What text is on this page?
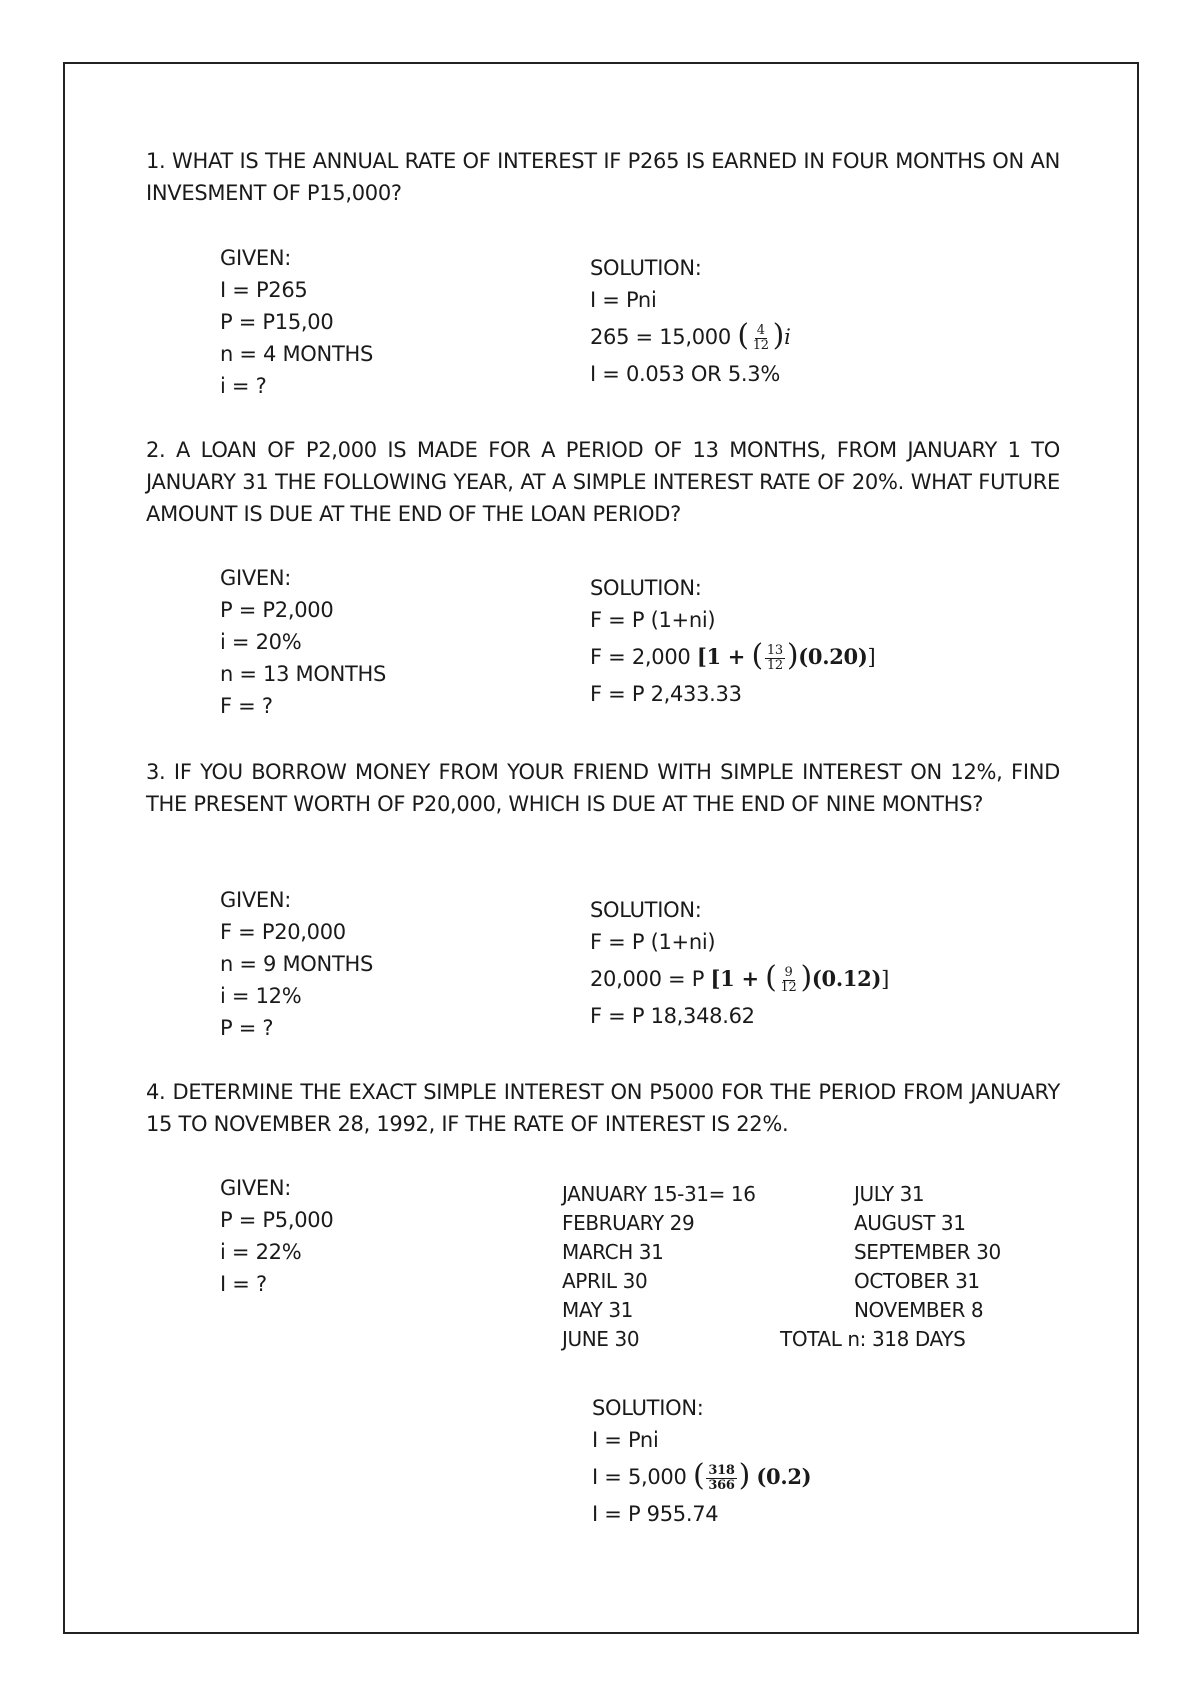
1. WHAT IS THE ANNUAL RATE OF INTEREST IF P265 IS EARNED IN FOUR MONTHS ON AN INVESMENT OF P15,000?
GIVEN:
I = P265
P = P15,00
n = 4 MONTHS
i = ?
SOLUTION:
I = Pni
265 = 15,000 ( $\frac{4}{12} )i$
I = 0.053 OR 5.3%
2. A LOAN OF P2,000 IS MADE FOR A PERIOD OF 13 MONTHS, FROM JANUARY 1 TO JANUARY 31 THE FOLLOWING YEAR, AT A SIMPLE INTEREST RATE OF 20%. WHAT FUTURE AMOUNT IS DUE AT THE END OF THE LOAN PERIOD?
GIVEN:
P = P2,000
i = 20%
n = 13 MONTHS
F = ?
SOLUTION:
F = P (1+ni)
F = 2,000 [1 + ( $\frac{13}{12} )(0.20)$]
F = P 2,433.33
3. IF YOU BORROW MONEY FROM YOUR FRIEND WITH SIMPLE INTEREST ON 12%, FIND THE PRESENT WORTH OF P20,000, WHICH IS DUE AT THE END OF NINE MONTHS?
GIVEN:
F = P20,000
n = 9 MONTHS
i = 12%
P = ?
SOLUTION:
F = P (1+ni)
20,000 = P [1 + ( $\frac{9}{12} )(0.12)$]
F = P 18,348.62
4. DETERMINE THE EXACT SIMPLE INTEREST ON P5000 FOR THE PERIOD FROM JANUARY 15 TO NOVEMBER 28, 1992, IF THE RATE OF INTEREST IS 22%.
GIVEN:
P = P5,000
i = 22%
I = ?
JANUARY 15-31= 16
FEBRUARY 29
MARCH 31
APRIL 30
MAY 31
JUNE 30
JULY 31
AUGUST 31
SEPTEMBER 30
OCTOBER 31
NOVEMBER 8
TOTAL n: 318 DAYS
SOLUTION:
I = Pni
I = 5,000 ( $\frac{318}{366}$ ) (0.2)
I = P 955.74
